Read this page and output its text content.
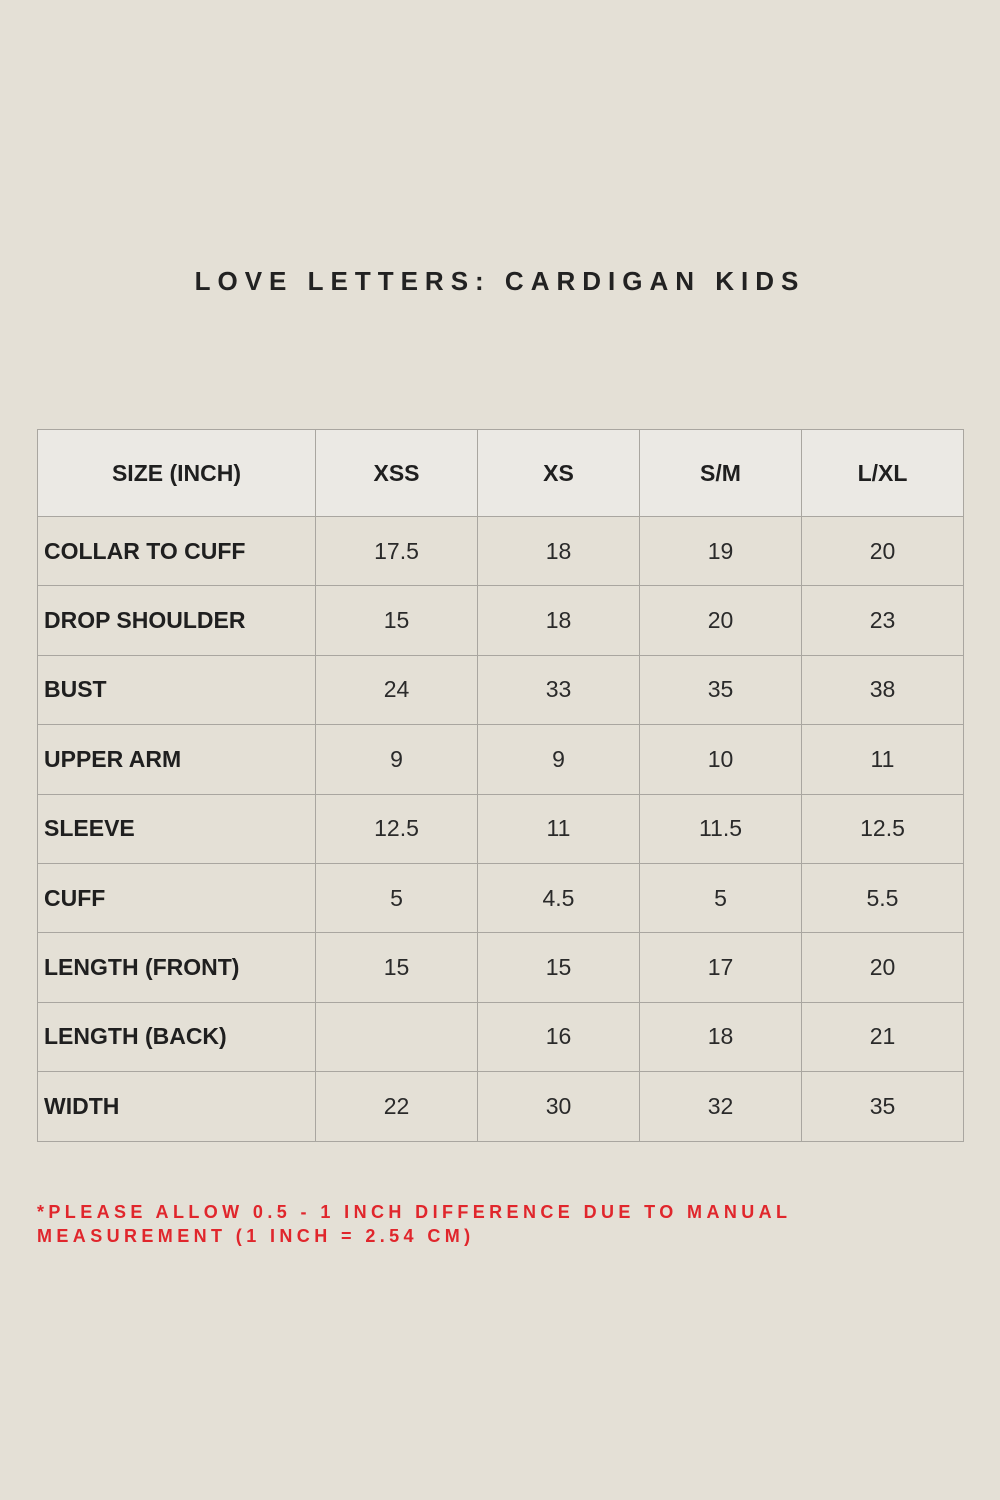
LOVE LETTERS: CARDIGAN KIDS
SIZE (INCH)	XSS	XS	S/M	L/XL
COLLAR TO CUFF	17.5	18	19	20
DROP SHOULDER	15	18	20	23
BUST	24	33	35	38
UPPER ARM	9	9	10	11
SLEEVE	12.5	11	11.5	12.5
CUFF	5	4.5	5	5.5
LENGTH (FRONT)	15	15	17	20
LENGTH (BACK)		16	18	21
WIDTH	22	30	32	35
*PLEASE ALLOW 0.5 - 1 INCH DIFFERENCE DUE TO MANUAL
MEASUREMENT (1 INCH = 2.54 CM)
